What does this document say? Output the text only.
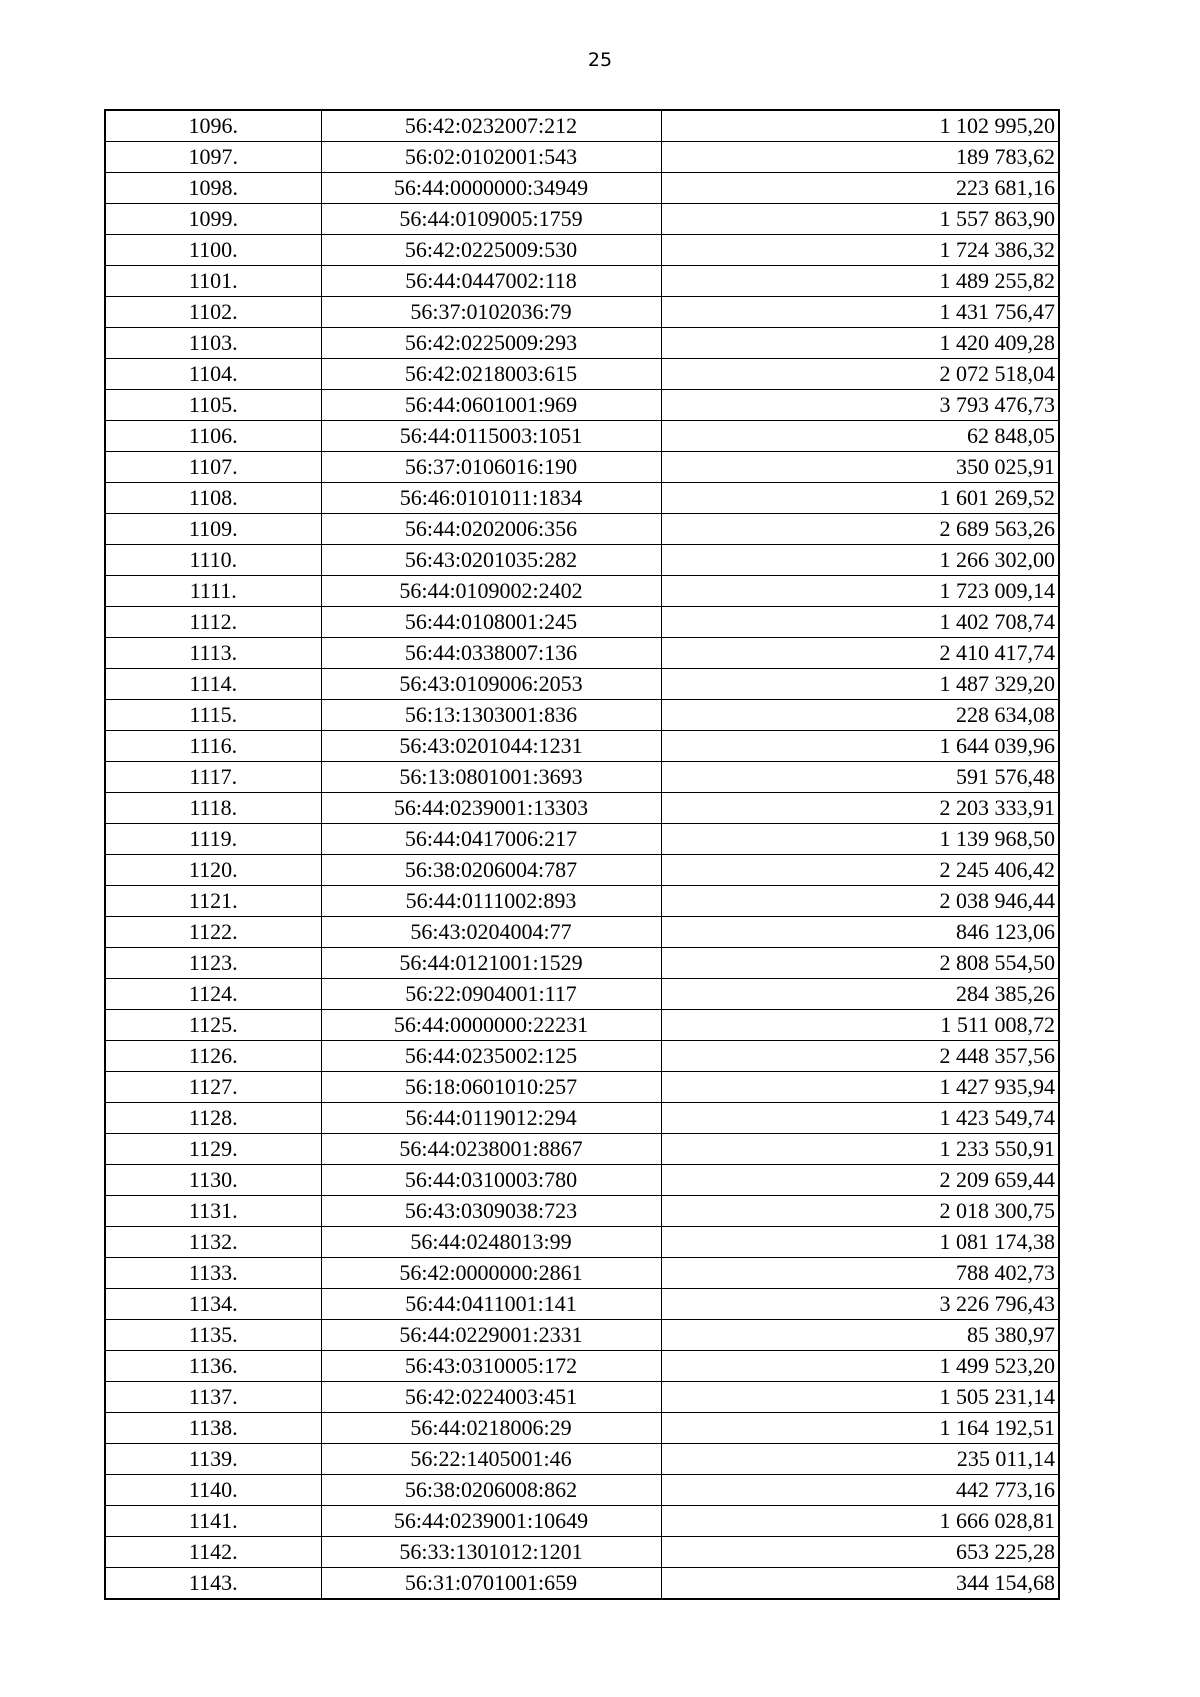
25
1096.	56:42:0232007:212	1 102 995,20
1097.	56:02:0102001:543	189 783,62
1098.	56:44:0000000:34949	223 681,16
1099.	56:44:0109005:1759	1 557 863,90
1100.	56:42:0225009:530	1 724 386,32
1101.	56:44:0447002:118	1 489 255,82
1102.	56:37:0102036:79	1 431 756,47
1103.	56:42:0225009:293	1 420 409,28
1104.	56:42:0218003:615	2 072 518,04
1105.	56:44:0601001:969	3 793 476,73
1106.	56:44:0115003:1051	62 848,05
1107.	56:37:0106016:190	350 025,91
1108.	56:46:0101011:1834	1 601 269,52
1109.	56:44:0202006:356	2 689 563,26
1110.	56:43:0201035:282	1 266 302,00
1111.	56:44:0109002:2402	1 723 009,14
1112.	56:44:0108001:245	1 402 708,74
1113.	56:44:0338007:136	2 410 417,74
1114.	56:43:0109006:2053	1 487 329,20
1115.	56:13:1303001:836	228 634,08
1116.	56:43:0201044:1231	1 644 039,96
1117.	56:13:0801001:3693	591 576,48
1118.	56:44:0239001:13303	2 203 333,91
1119.	56:44:0417006:217	1 139 968,50
1120.	56:38:0206004:787	2 245 406,42
1121.	56:44:0111002:893	2 038 946,44
1122.	56:43:0204004:77	846 123,06
1123.	56:44:0121001:1529	2 808 554,50
1124.	56:22:0904001:117	284 385,26
1125.	56:44:0000000:22231	1 511 008,72
1126.	56:44:0235002:125	2 448 357,56
1127.	56:18:0601010:257	1 427 935,94
1128.	56:44:0119012:294	1 423 549,74
1129.	56:44:0238001:8867	1 233 550,91
1130.	56:44:0310003:780	2 209 659,44
1131.	56:43:0309038:723	2 018 300,75
1132.	56:44:0248013:99	1 081 174,38
1133.	56:42:0000000:2861	788 402,73
1134.	56:44:0411001:141	3 226 796,43
1135.	56:44:0229001:2331	85 380,97
1136.	56:43:0310005:172	1 499 523,20
1137.	56:42:0224003:451	1 505 231,14
1138.	56:44:0218006:29	1 164 192,51
1139.	56:22:1405001:46	235 011,14
1140.	56:38:0206008:862	442 773,16
1141.	56:44:0239001:10649	1 666 028,81
1142.	56:33:1301012:1201	653 225,28
1143.	56:31:0701001:659	344 154,68
